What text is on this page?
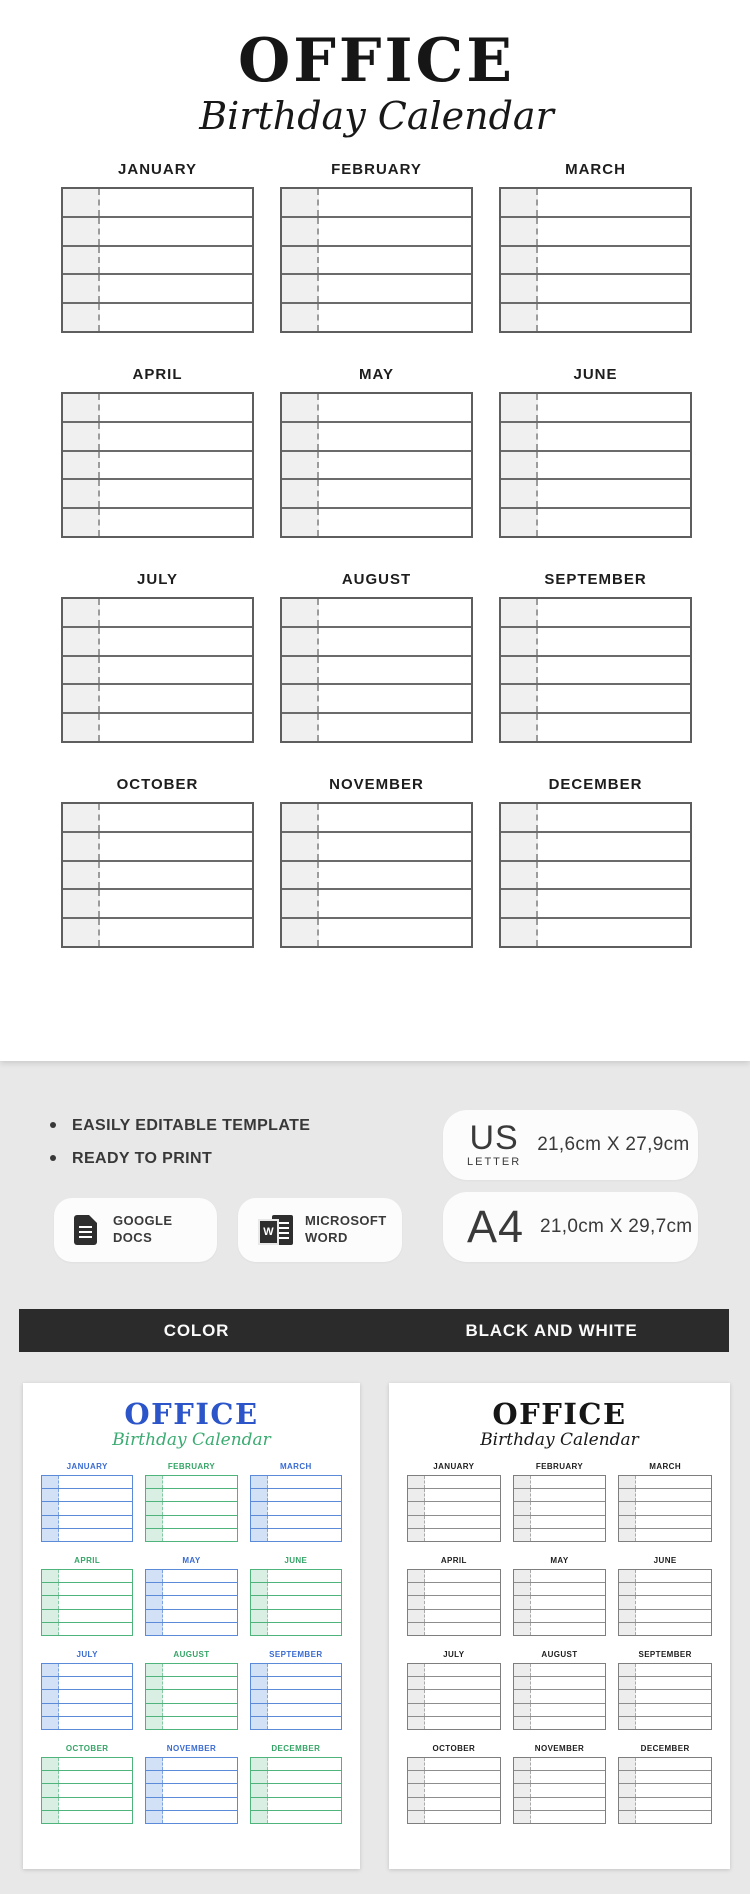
OFFICE
Birthday Calendar
JANUARY	FEBRUARY	MARCH
APRIL	MAY	JUNE
JULY	AUGUST	SEPTEMBER
OCTOBER	NOVEMBER	DECEMBER
EASILY EDITABLE TEMPLATE
READY TO PRINT
GOOGLE DOCS	W
MICROSOFT WORD
US
LETTER
21,6cm X 27,9cm
A4 21,0cm X 29,7cm
COLOR	BLACK AND WHITE
OFFICE
Birthday Calendar
JANUARY	FEBRUARY	MARCH
APRIL	MAY	JUNE
JULY	AUGUST	SEPTEMBER
OCTOBER	NOVEMBER	DECEMBER
OFFICE
Birthday Calendar
JANUARY	FEBRUARY	MARCH
APRIL	MAY	JUNE
JULY	AUGUST	SEPTEMBER
OCTOBER	NOVEMBER	DECEMBER
